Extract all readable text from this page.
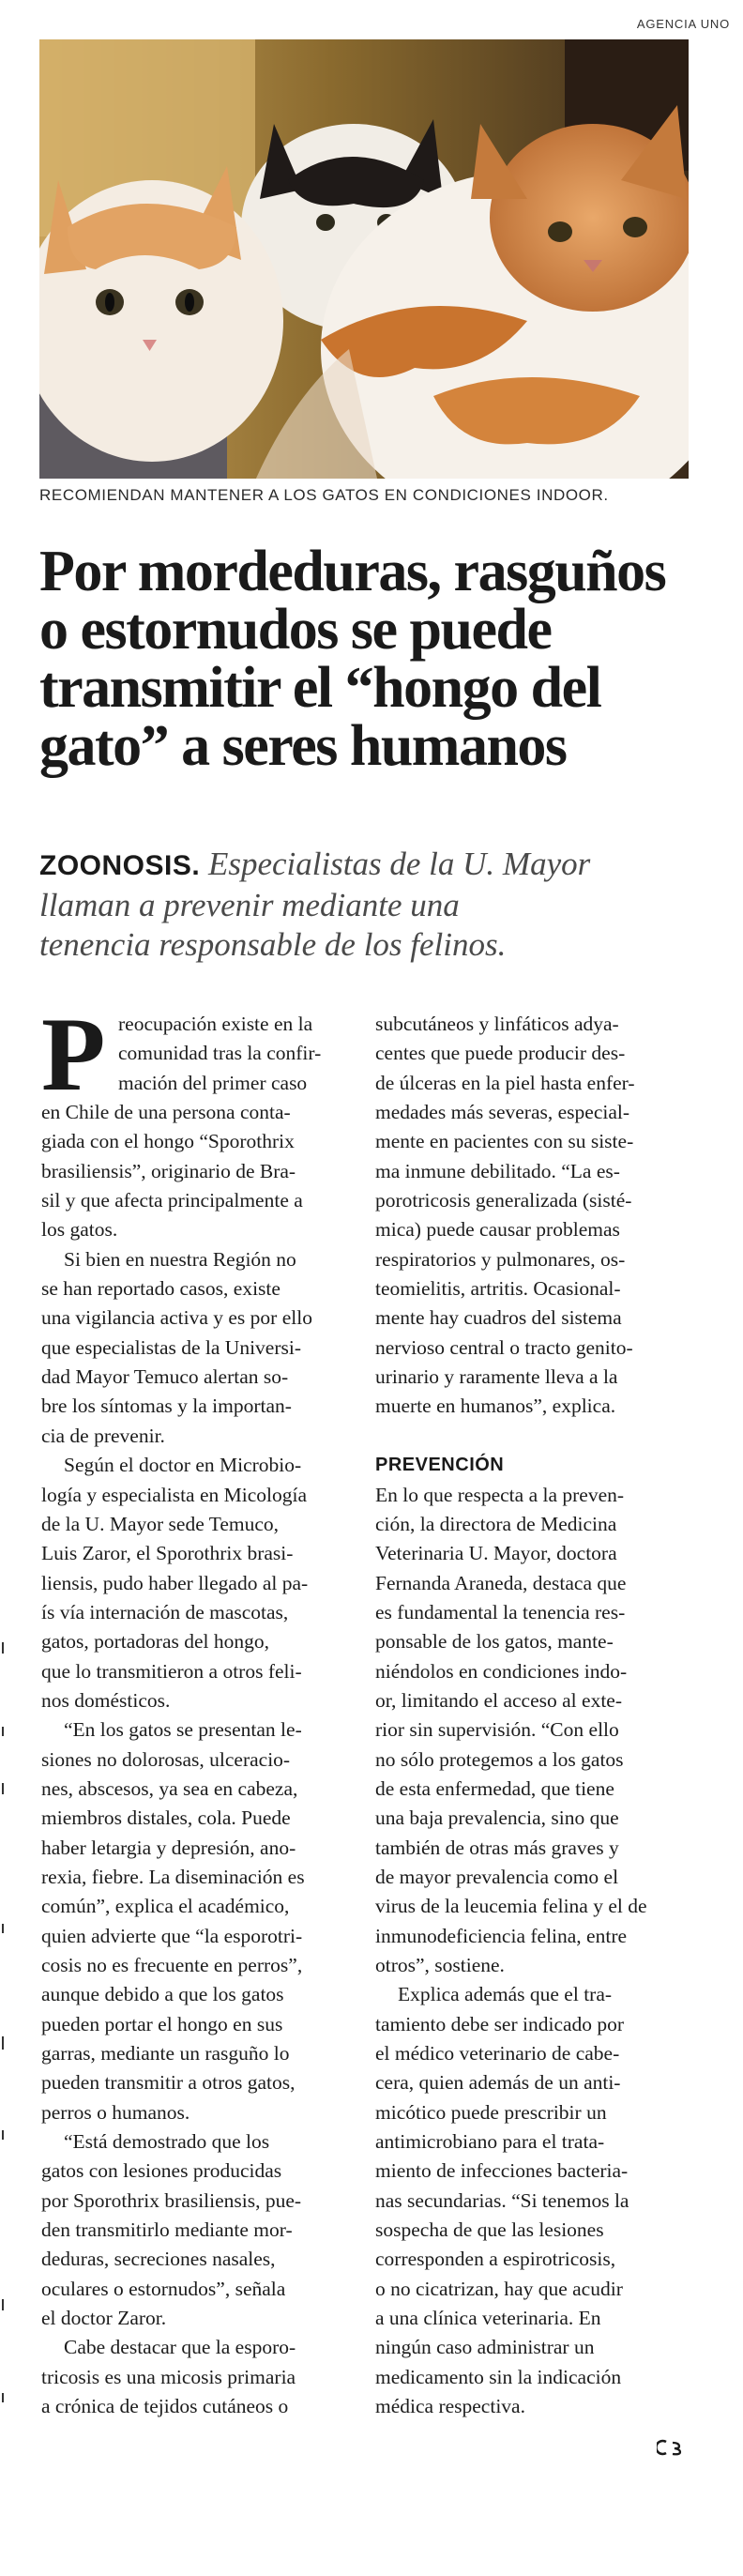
AGENCIA UNO
RECOMIENDAN MANTENER A LOS GATOS EN CONDICIONES INDOOR.
Por mordeduras, rasguños
o estornudos se puede
transmitir el “hongo del
gato” a seres humanos
ZOONOSIS. Especialistas de la U. Mayor
llaman a prevenir mediante una
tenencia responsable de los felinos.
P reocupación existe en la
comunidad tras la confir-
mación del primer caso
en Chile de una persona conta-
giada con el hongo “Sporothrix
brasiliensis”, originario de Bra-
sil y que afecta principalmente a
los gatos.
Si bien en nuestra Región no
se han reportado casos, existe
una vigilancia activa y es por ello
que especialistas de la Universi-
dad Mayor Temuco alertan so-
bre los síntomas y la importan-
cia de prevenir.
Según el doctor en Microbio-
logía y especialista en Micología
de la U. Mayor sede Temuco,
Luis Zaror, el Sporothrix brasi-
liensis, pudo haber llegado al pa-
ís vía internación de mascotas,
gatos, portadoras del hongo,
que lo transmitieron a otros feli-
nos domésticos.
“En los gatos se presentan le-
siones no dolorosas, ulceracio-
nes, abscesos, ya sea en cabeza,
miembros distales, cola. Puede
haber letargia y depresión, ano-
rexia, fiebre. La diseminación es
común”, explica el académico,
quien advierte que “la esporotri-
cosis no es frecuente en perros”,
aunque debido a que los gatos
pueden portar el hongo en sus
garras, mediante un rasguño lo
pueden transmitir a otros gatos,
perros o humanos.
“Está demostrado que los
gatos con lesiones producidas
por Sporothrix brasiliensis, pue-
den transmitirlo mediante mor-
deduras, secreciones nasales,
oculares o estornudos”, señala
el doctor Zaror.
Cabe destacar que la esporo-
tricosis es una micosis primaria
a crónica de tejidos cutáneos o
subcutáneos y linfáticos adya-
centes que puede producir des-
de úlceras en la piel hasta enfer-
medades más severas, especial-
mente en pacientes con su siste-
ma inmune debilitado. “La es-
porotricosis generalizada (sisté-
mica) puede causar problemas
respiratorios y pulmonares, os-
teomielitis, artritis. Ocasional-
mente hay cuadros del sistema
nervioso central o tracto genito-
urinario y raramente lleva a la
muerte en humanos”, explica.
PREVENCIÓN
En lo que respecta a la preven-
ción, la directora de Medicina
Veterinaria U. Mayor, doctora
Fernanda Araneda, destaca que
es fundamental la tenencia res-
ponsable de los gatos, mante-
niéndolos en condiciones indo-
or, limitando el acceso al exte-
rior sin supervisión. “Con ello
no sólo protegemos a los gatos
de esta enfermedad, que tiene
una baja prevalencia, sino que
también de otras más graves y
de mayor prevalencia como el
virus de la leucemia felina y el de
inmunodeficiencia felina, entre
otros”, sostiene.
Explica además que el tra-
tamiento debe ser indicado por
el médico veterinario de cabe-
cera, quien además de un anti-
micótico puede prescribir un
antimicrobiano para el trata-
miento de infecciones bacteria-
nas secundarias. “Si tenemos la
sospecha de que las lesiones
corresponden a espirotricosis,
o no cicatrizan, hay que acudir
a una clínica veterinaria. En
ningún caso administrar un
medicamento sin la indicación
médica respectiva.
